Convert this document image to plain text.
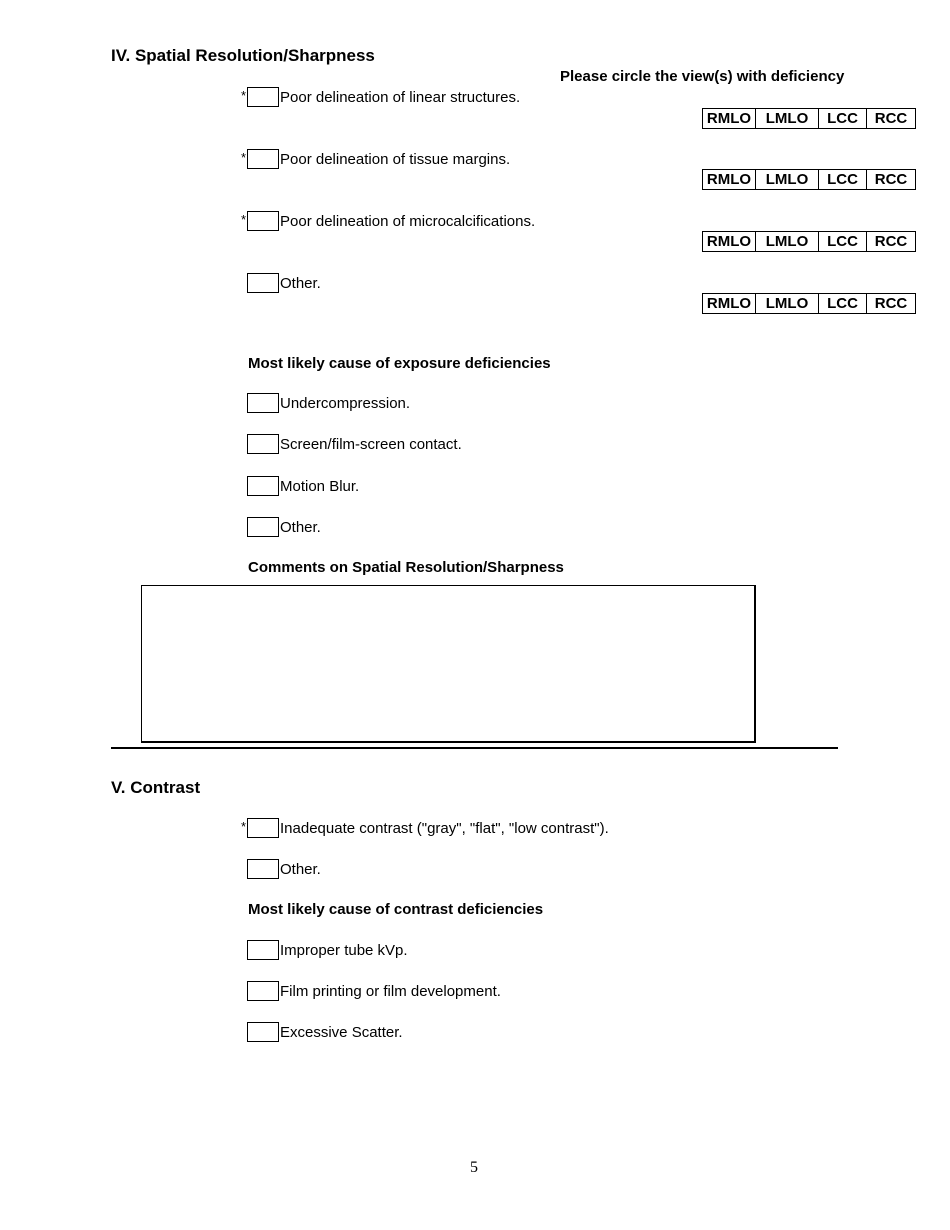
IV. Spatial Resolution/Sharpness
Please circle the view(s) with deficiency
* Poor delineation of linear structures.
RMLO	LMLO	LCC	RCC
* Poor delineation of tissue margins.
RMLO	LMLO	LCC	RCC
* Poor delineation of microcalcifications.
RMLO	LMLO	LCC	RCC
Other.
RMLO	LMLO	LCC	RCC
Most likely cause of exposure deficiencies
Undercompression.
Screen/film-screen contact.
Motion Blur.
Other.
Comments on Spatial Resolution/Sharpness
V. Contrast
* Inadequate contrast ("gray", "flat", "low contrast").
Other.
Most likely cause of contrast deficiencies
Improper tube kVp.
Film printing or film development.
Excessive Scatter.
5
